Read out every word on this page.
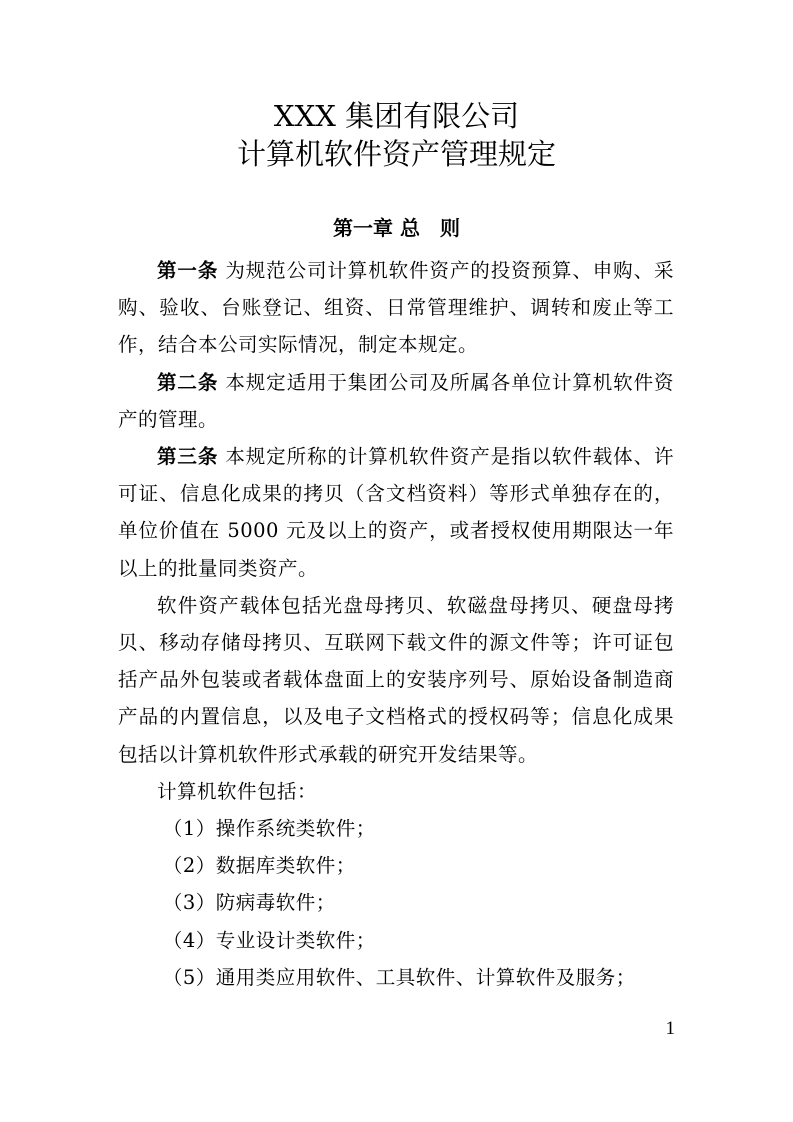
XXX 集团有限公司
计算机软件资产管理规定
第一章 总　则

第一条 为规范公司计算机软件资产的投资预算、申购、采购、验收、台账登记、组资、日常管理维护、调转和废止等工作，结合本公司实际情况，制定本规定。

第二条 本规定适用于集团公司及所属各单位计算机软件资产的管理。

第三条 本规定所称的计算机软件资产是指以软件载体、许可证、信息化成果的拷贝（含文档资料）等形式单独存在的，单位价值在 5000 元及以上的资产，或者授权使用期限达一年以上的批量同类资产。

软件资产载体包括光盘母拷贝、软磁盘母拷贝、硬盘母拷贝、移动存储母拷贝、互联网下载文件的源文件等；许可证包括产品外包装或者载体盘面上的安装序列号、原始设备制造商产品的内置信息，以及电子文档格式的授权码等；信息化成果包括以计算机软件形式承载的研究开发结果等。

计算机软件包括：

（1）操作系统类软件；

（2）数据库类软件；

（3）防病毒软件；

（4）专业设计类软件；

（5）通用类应用软件、工具软件、计算软件及服务；

1
